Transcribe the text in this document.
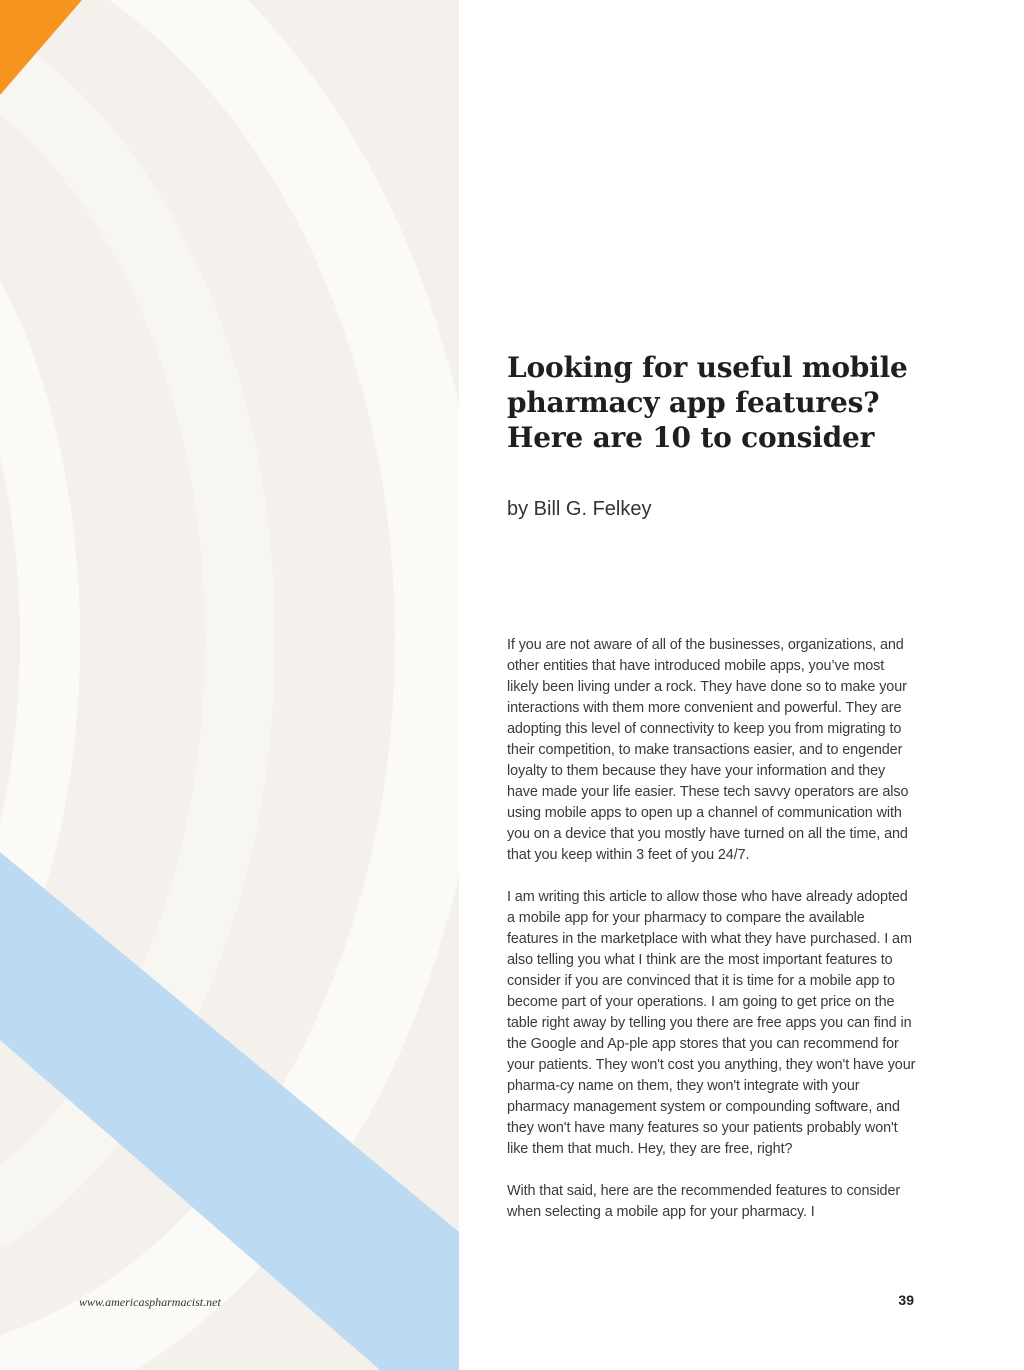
Looking for useful mobile
pharmacy app features?
Here are 10 to consider

by Bill G. Felkey

If you are not aware of all of the businesses, organizations, and other entities that have introduced mobile apps, you’ve most likely been living under a rock. They have done so to make your interactions with them more convenient and powerful. They are adopting this level of connectivity to keep you from migrating to their competition, to make transactions easier, and to engender loyalty to them because they have your information and they have made your life easier. These tech savvy operators are also using mobile apps to open up a channel of communication with you on a device that you mostly have turned on all the time, and that you keep within 3 feet of you 24/7.

I am writing this article to allow those who have already adopted a mobile app for your pharmacy to compare the available features in the marketplace with what they have purchased. I am also telling you what I think are the most important features to consider if you are convinced that it is time for a mobile app to become part of your operations. I am going to get price on the table right away by telling you there are free apps you can find in the Google and Ap-ple app stores that you can recommend for your patients. They won't cost you anything, they won't have your pharma-cy name on them, they won't integrate with your pharmacy management system or compounding software, and they won't have many features so your patients probably won't like them that much. Hey, they are free, right?

With that said, here are the recommended features to consider when selecting a mobile app for your pharmacy. I

www.americaspharmacist.net	39
